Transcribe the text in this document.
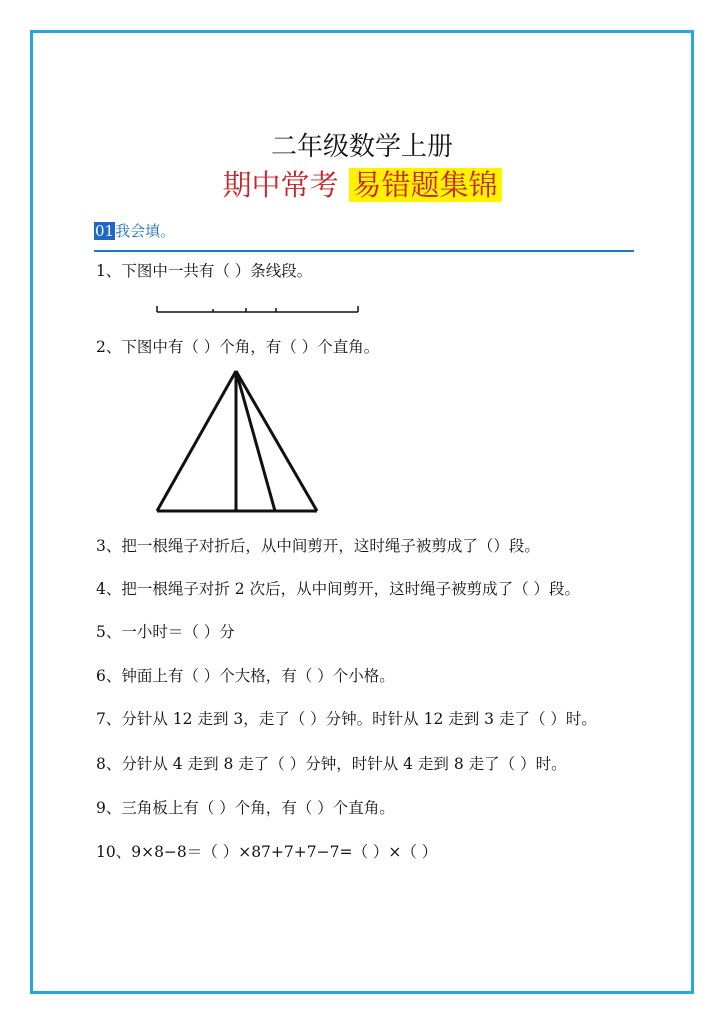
二年级数学上册
期中常考 易错题集锦
01我会填。
1、下图中一共有（ ）条线段。
2、下图中有（ ）个角，有（ ）个直角。
3、把一根绳子对折后，从中间剪开，这时绳子被剪成了（）段。
4、把一根绳子对折 2 次后，从中间剪开，这时绳子被剪成了（ ）段。
5、一小时＝（ ）分
6、钟面上有（ ）个大格，有（ ）个小格。
7、分针从 12 走到 3，走了（ ）分钟。时针从 12 走到 3 走了（ ）时。
8、分针从 4 走到 8 走了（ ）分钟，时针从 4 走到 8 走了（ ）时。
9、三角板上有（ ）个角，有（ ）个直角。
10、9×8−8＝（ ）×87+7+7−7=（ ）×（ ）
